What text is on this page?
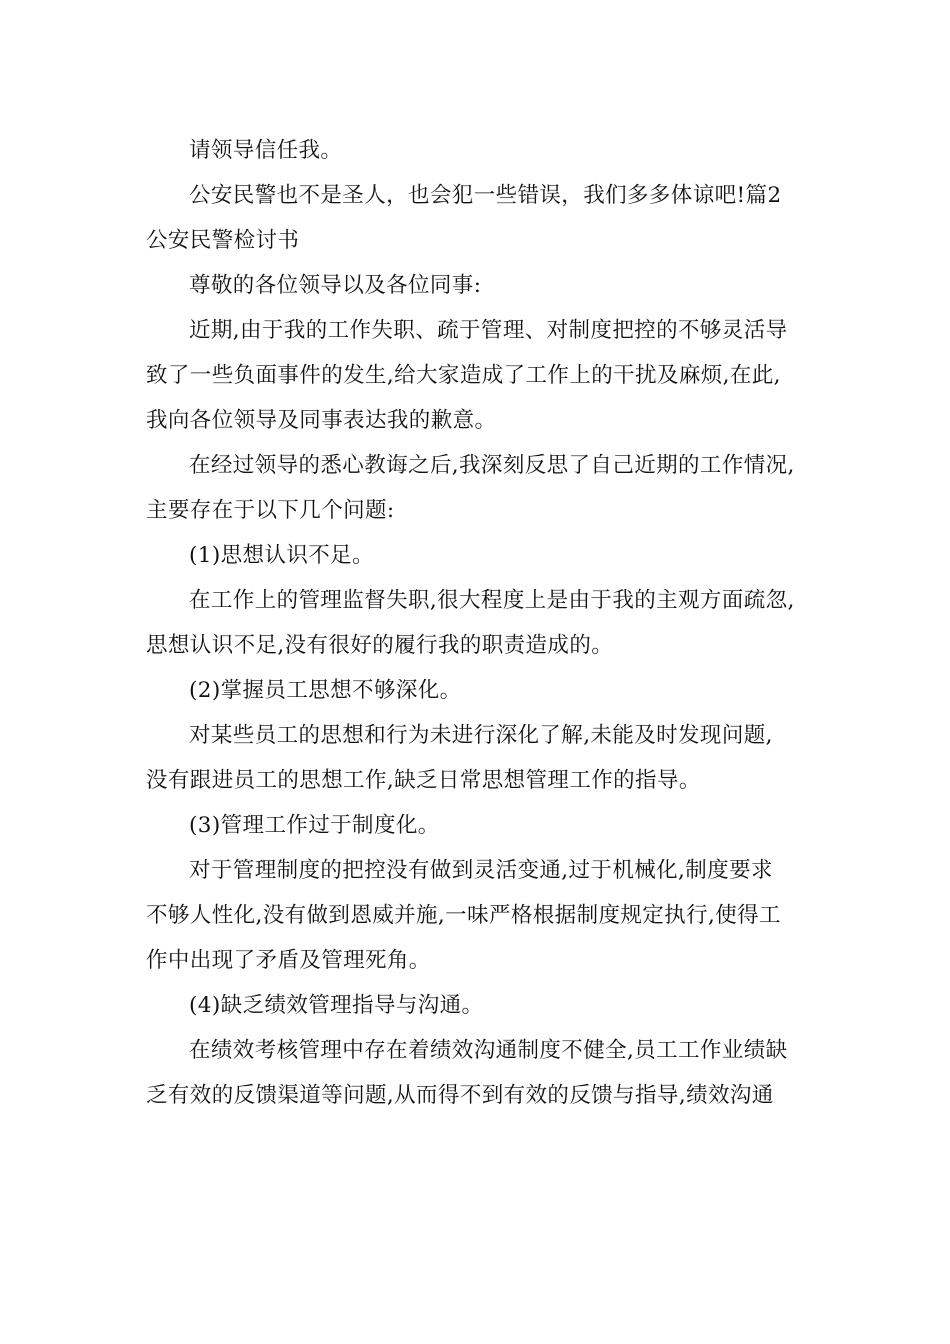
请领导信任我。
公安民警也不是圣人，也会犯一些错误，我们多多体谅吧!篇2
公安民警检讨书
尊敬的各位领导以及各位同事:
近期,由于我的工作失职、疏于管理、对制度把控的不够灵活导
致了一些负面事件的发生,给大家造成了工作上的干扰及麻烦,在此,
我向各位领导及同事表达我的歉意。
在经过领导的悉心教诲之后,我深刻反思了自己近期的工作情况,
主要存在于以下几个问题:
(1)思想认识不足。
在工作上的管理监督失职,很大程度上是由于我的主观方面疏忽,
思想认识不足,没有很好的履行我的职责造成的。
(2)掌握员工思想不够深化。
对某些员工的思想和行为未进行深化了解,未能及时发现问题,
没有跟进员工的思想工作,缺乏日常思想管理工作的指导。
(3)管理工作过于制度化。
对于管理制度的把控没有做到灵活变通,过于机械化,制度要求
不够人性化,没有做到恩威并施,一味严格根据制度规定执行,使得工
作中出现了矛盾及管理死角。
(4)缺乏绩效管理指导与沟通。
在绩效考核管理中存在着绩效沟通制度不健全,员工工作业绩缺
乏有效的反馈渠道等问题,从而得不到有效的反馈与指导,绩效沟通
